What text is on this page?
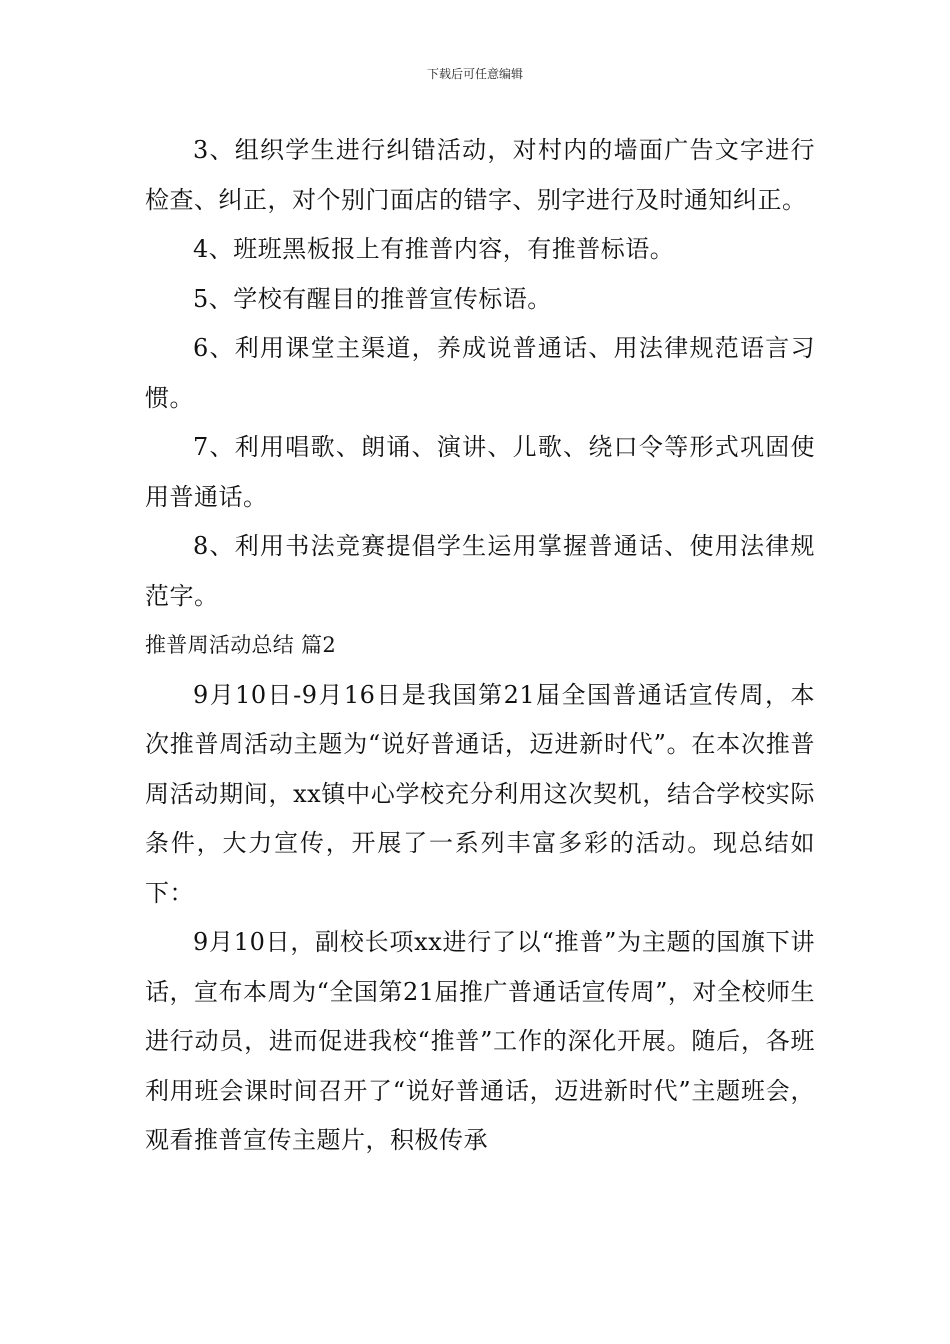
下载后可任意编辑

3、组织学生进行纠错活动，对村内的墙面广告文字进行检查、纠正，对个别门面店的错字、别字进行及时通知纠正。

4、班班黑板报上有推普内容，有推普标语。

5、学校有醒目的推普宣传标语。

6、利用课堂主渠道，养成说普通话、用法律规范语言习惯。

7、利用唱歌、朗诵、演讲、儿歌、绕口令等形式巩固使用普通话。

8、利用书法竞赛提倡学生运用掌握普通话、使用法律规范字。

推普周活动总结 篇2

9月10日-9月16日是我国第21届全国普通话宣传周，本次推普周活动主题为“说好普通话，迈进新时代”。在本次推普周活动期间，xx镇中心学校充分利用这次契机，结合学校实际条件，大力宣传，开展了一系列丰富多彩的活动。现总结如下：

9月10日，副校长项xx进行了以“推普”为主题的国旗下讲话，宣布本周为“全国第21届推广普通话宣传周”，对全校师生进行动员，进而促进我校“推普”工作的深化开展。随后，各班利用班会课时间召开了“说好普通话，迈进新时代”主题班会，观看推普宣传主题片，积极传承
